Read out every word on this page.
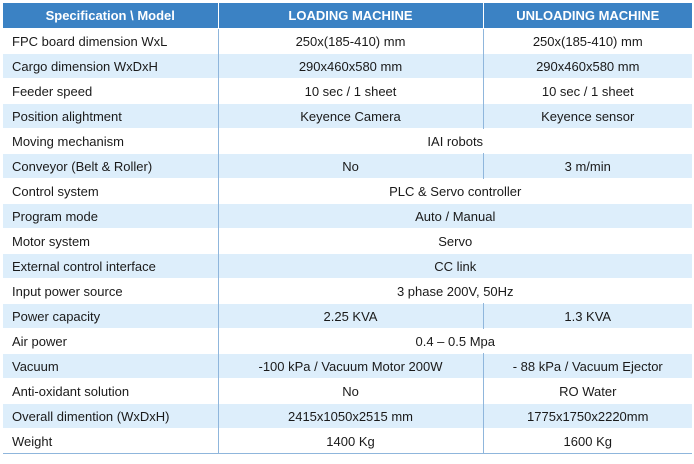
Specification \ Model	LOADING MACHINE	UNLOADING MACHINE
FPC board dimension WxL	250x(185-410) mm	250x(185-410) mm
Cargo dimension WxDxH	290x460x580 mm	290x460x580 mm
Feeder speed	10 sec / 1 sheet	10 sec / 1 sheet
Position alightment	Keyence Camera	Keyence sensor
Moving mechanism	IAI robots	
Conveyor (Belt & Roller)	No	3 m/min
Control system	PLC & Servo controller	
Program mode	Auto / Manual	
Motor system	Servo	
External control interface	CC link	
Input power source	3 phase 200V, 50Hz	
Power capacity	2.25 KVA	1.3 KVA
Air power	0.4 – 0.5 Mpa	
Vacuum	-100 kPa / Vacuum Motor 200W	- 88 kPa / Vacuum Ejector
Anti-oxidant solution	No	RO Water
Overall dimention (WxDxH)	2415x1050x2515 mm	1775x1750x2220mm
Weight	1400 Kg	1600 Kg
